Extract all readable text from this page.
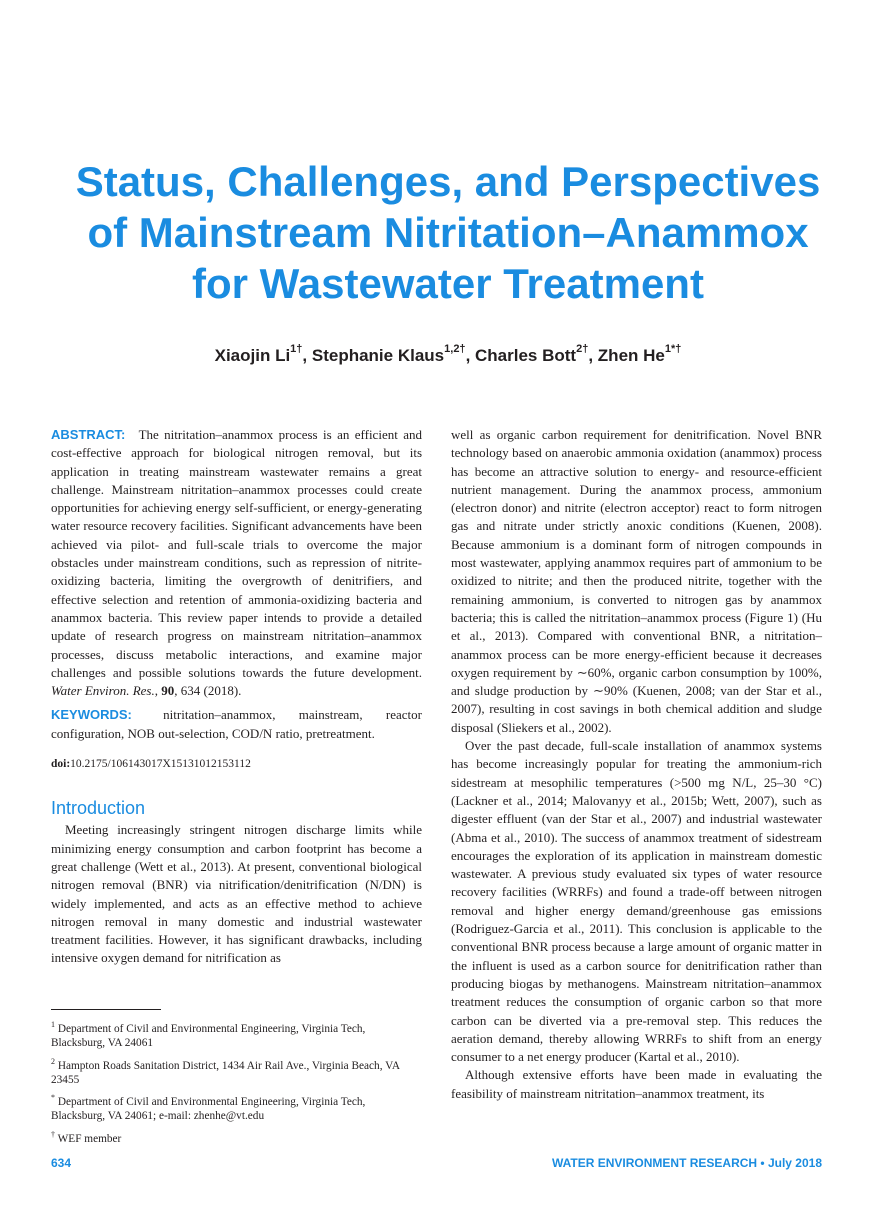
Status, Challenges, and Perspectives of Mainstream Nitritation–Anammox for Wastewater Treatment
Xiaojin $Li^{1\dagger}$, Stephanie Klaus$^{1,2\dagger}$, Charles Bott$^{2\dagger}$, Zhen $He^{1*\dagger}$

ABSTRACT: The nitritation–anammox process is an efficient and cost-effective approach for biological nitrogen removal, but its application in treating mainstream wastewater remains a great challenge. Mainstream nitritation–anammox processes could create opportunities for achieving energy self-sufficient, or energy-generating water resource recovery facilities. Significant advancements have been achieved via pilot- and full-scale trials to overcome the major obstacles under mainstream conditions, such as repression of nitrite-oxidizing bacteria, limiting the overgrowth of denitrifiers, and effective selection and retention of ammonia-oxidizing bacteria and anammox bacteria. This review paper intends to provide a detailed update of research progress on mainstream nitritation–anammox processes, discuss metabolic interactions, and examine major challenges and possible solutions towards the future development. Water Environ. Res., 90, 634 (2018).

KEYWORDS: nitritation–anammox, mainstream, reactor configuration, NOB out-selection, COD/N ratio, pretreatment.

doi:10.2175/106143017X15131012153112

Introduction

Meeting increasingly stringent nitrogen discharge limits while minimizing energy consumption and carbon footprint has become a great challenge (Wett et al., 2013). At present, conventional biological nitrogen removal (BNR) via nitrification/denitrification (N/DN) is widely implemented, and acts as an effective method to achieve nitrogen removal in many domestic and industrial wastewater treatment facilities. However, it has significant drawbacks, including intensive oxygen demand for nitrification as

$^1$ Department of Civil and Environmental Engineering, Virginia Tech, Blacksburg, VA 24061

$^2$ Hampton Roads Sanitation District, 1434 Air Rail Ave., Virginia Beach, VA 23455

* Department of Civil and Environmental Engineering, Virginia Tech, Blacksburg, VA 24061; e-mail: zhenhe@vt.edu

† WEF member

well as organic carbon requirement for denitrification. Novel BNR technology based on anaerobic ammonia oxidation (anammox) process has become an attractive solution to energy- and resource-efficient nutrient management. During the anammox process, ammonium (electron donor) and nitrite (electron acceptor) react to form nitrogen gas and nitrate under strictly anoxic conditions (Kuenen, 2008). Because ammonium is a dominant form of nitrogen compounds in most wastewater, applying anammox requires part of ammonium to be oxidized to nitrite; and then the produced nitrite, together with the remaining ammonium, is converted to nitrogen gas by anammox bacteria; this is called the nitritation–anammox process (Figure 1) (Hu et al., 2013). Compared with conventional BNR, a nitritation–anammox process can be more energy-efficient because it decreases oxygen requirement by ∼60%, organic carbon consumption by 100%, and sludge production by ∼90% (Kuenen, 2008; van der Star et al., 2007), resulting in cost savings in both chemical addition and sludge disposal (Sliekers et al., 2002).

Over the past decade, full-scale installation of anammox systems has become increasingly popular for treating the ammonium-rich sidestream at mesophilic temperatures (>500 mg N/L, 25–30 °C) (Lackner et al., 2014; Malovanyy et al., 2015b; Wett, 2007), such as digester effluent (van der Star et al., 2007) and industrial wastewater (Abma et al., 2010). The success of anammox treatment of sidestream encourages the exploration of its application in mainstream domestic wastewater. A previous study evaluated six types of water resource recovery facilities (WRRFs) and found a trade-off between nitrogen removal and higher energy demand/greenhouse gas emissions (Rodriguez-Garcia et al., 2011). This conclusion is applicable to the conventional BNR process because a large amount of organic matter in the influent is used as a carbon source for denitrification rather than producing biogas by methanogens. Mainstream nitritation–anammox treatment reduces the consumption of organic carbon so that more carbon can be diverted via a pre-removal step. This reduces the aeration demand, thereby allowing WRRFs to shift from an energy consumer to a net energy producer (Kartal et al., 2010).

Although extensive efforts have been made in evaluating the feasibility of mainstream nitritation–anammox treatment, its

634	WATER ENVIRONMENT RESEARCH • July 2018
